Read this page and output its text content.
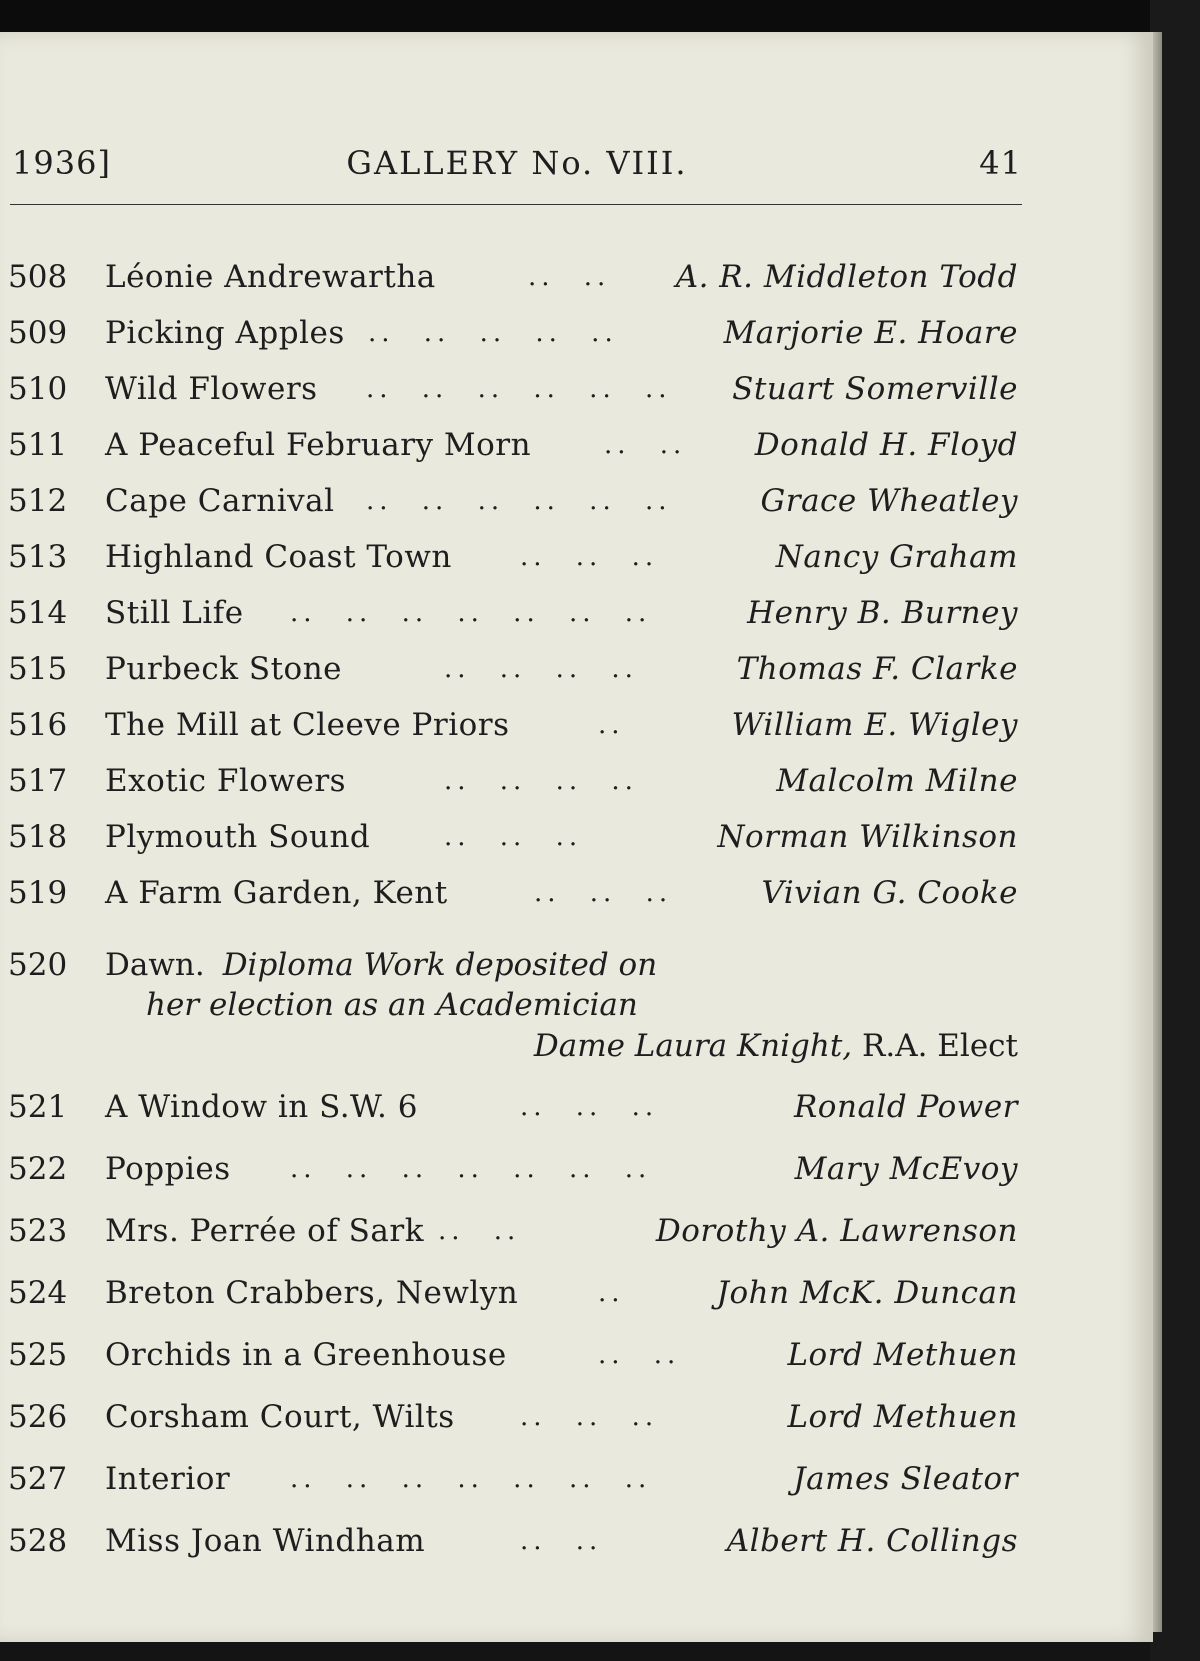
1936]	GALLERY No. VIII.	41
508 Léonie Andrewartha	.. .. A. R. Middleton Todd
509 Picking Apples .. .. .. .. ..	Marjorie E. Hoare
510 Wild Flowers .. .. .. .. .. .. Stuart Somerville
511 A Peaceful February Morn	.. .. Donald H. Floyd
512 Cape Carnival .. .. .. .. .. ..	Grace Wheatley
513 Highland Coast Town	.. .. ..	Nancy Graham
514 Still Life .. .. .. .. .. .. ..	Henry B. Burney
515 Purbeck Stone	.. .. .. ..	Thomas F. Clarke
516 The Mill at Cleeve Priors	..	William E. Wigley
517 Exotic Flowers	.. .. .. ..	Malcolm Milne
518 Plymouth Sound	.. .. ..	Norman Wilkinson
519 A Farm Garden, Kent	.. .. ..	Vivian G. Cooke
520 Dawn. Diploma Work deposited on
her election as an Academician
Dame Laura Knight, R.A. Elect
521 A Window in S.W. 6	.. .. ..	Ronald Power
522 Poppies .. .. .. .. .. .. ..	Mary McEvoy
523 Mrs. Perrée of Sark .. ..	Dorothy A. Lawrenson
524 Breton Crabbers, Newlyn	..	John McK. Duncan
525 Orchids in a Greenhouse	.. ..	Lord Methuen
526 Corsham Court, Wilts	.. .. ..	Lord Methuen
527 Interior .. .. .. .. .. .. ..	James Sleator
528 Miss Joan Windham	.. ..	Albert H. Collings
